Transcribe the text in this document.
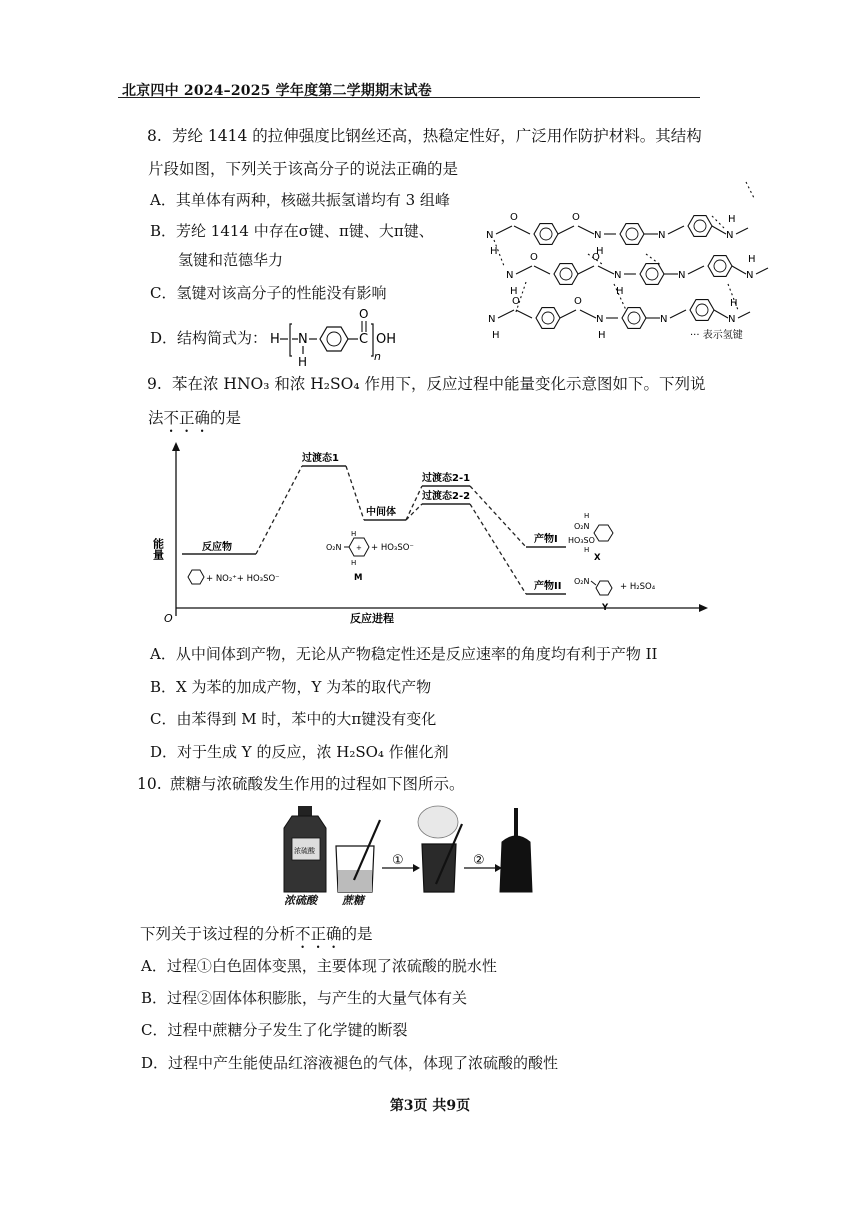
北京四中 2024–2025 学年度第二学期期末试卷
8. 芳纶 1414 的拉伸强度比钢丝还高，热稳定性好，广泛用作防护材料。其结构
片段如图，下列关于该高分子的说法正确的是
A．其单体有两种，核磁共振氢谱均有 3 组峰
B．芳纶 1414 中存在σ键、π键、大π键、
氢键和范德华力
C．氢键对该高分子的性能没有影响
D．结构简式为： H N
H
C
O
OH
n
N
O	O
N	N	N
H	H
H
N
O	O
N	N	N
H	H
H
N
O	O
N	N	N
H	H
H
··· 表示氢键
9. 苯在浓 HNO₃ 和浓 H₂SO₄ 作用下，反应过程中能量变化示意图如下。下列说
法不正确的是
O
能量
反应进程
反应物
过渡态1
中间体
过渡态2-1
过渡态2-2
产物I
产物II
+ NO₂⁺+ HO₃SO⁻
O₂N +
H
H
+ HO₃SO⁻
M
H
O₂N
HO₃SO
H
X
O₂N
+ H₂SO₄
Y
A．从中间体到产物，无论从产物稳定性还是反应速率的角度均有利于产物 II
B．X 为苯的加成产物，Y 为苯的取代产物
C．由苯得到 M 时，苯中的大π键没有变化
D．对于生成 Y 的反应，浓 H₂SO₄ 作催化剂
10. 蔗糖与浓硫酸发生作用的过程如下图所示。
浓硫酸
①	②
浓硫酸 蔗糖
下列关于该过程的分析不正确的是
A．过程①白色固体变黑，主要体现了浓硫酸的脱水性
B．过程②固体体积膨胀，与产生的大量气体有关
C．过程中蔗糖分子发生了化学键的断裂
D．过程中产生能使品红溶液褪色的气体，体现了浓硫酸的酸性
第3页 共9页
